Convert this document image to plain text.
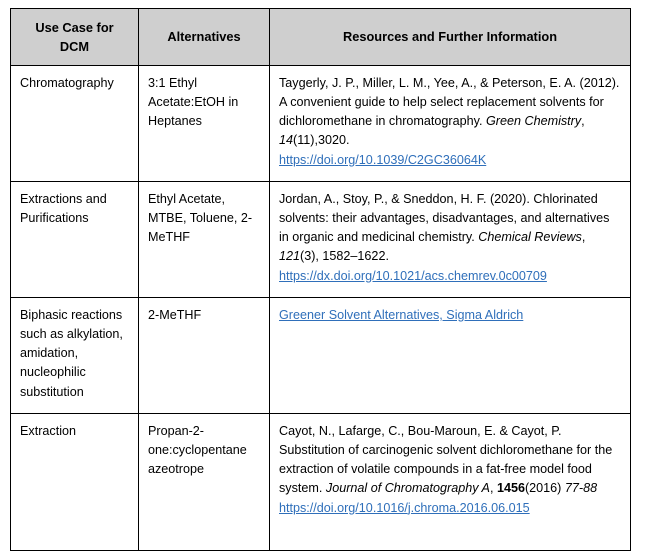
Use Case for DCM	Alternatives	Resources and Further Information
Chromatography	3:1 Ethyl Acetate:EtOH in Heptanes	Taygerly, J. P., Miller, L. M., Yee, A., & Peterson, E. A. (2012). A convenient guide to help select replacement solvents for dichloromethane in chromatography. Green Chemistry, 14(11),3020.

https://doi.org/10.1039/C2GC36064K
Extractions and Purifications	Ethyl Acetate, MTBE, Toluene, 2-MeTHF	Jordan, A., Stoy, P., & Sneddon, H. F. (2020). Chlorinated solvents: their advantages, disadvantages, and alternatives in organic and medicinal chemistry. Chemical Reviews, 121(3), 1582–1622.

https://dx.doi.org/10.1021/acs.chemrev.0c00709
Biphasic reactions such as alkylation, amidation, nucleophilic substitution	2-MeTHF	Greener Solvent Alternatives, Sigma Aldrich
Extraction	Propan-2-one:cyclopentane azeotrope	Cayot, N., Lafarge, C., Bou-Maroun, E. & Cayot, P. Substitution of carcinogenic solvent dichloromethane for the extraction of volatile compounds in a fat-free model food system. Journal of Chromatography A, 1456(2016) 77-88

https://doi.org/10.1016/j.chroma.2016.06.015
